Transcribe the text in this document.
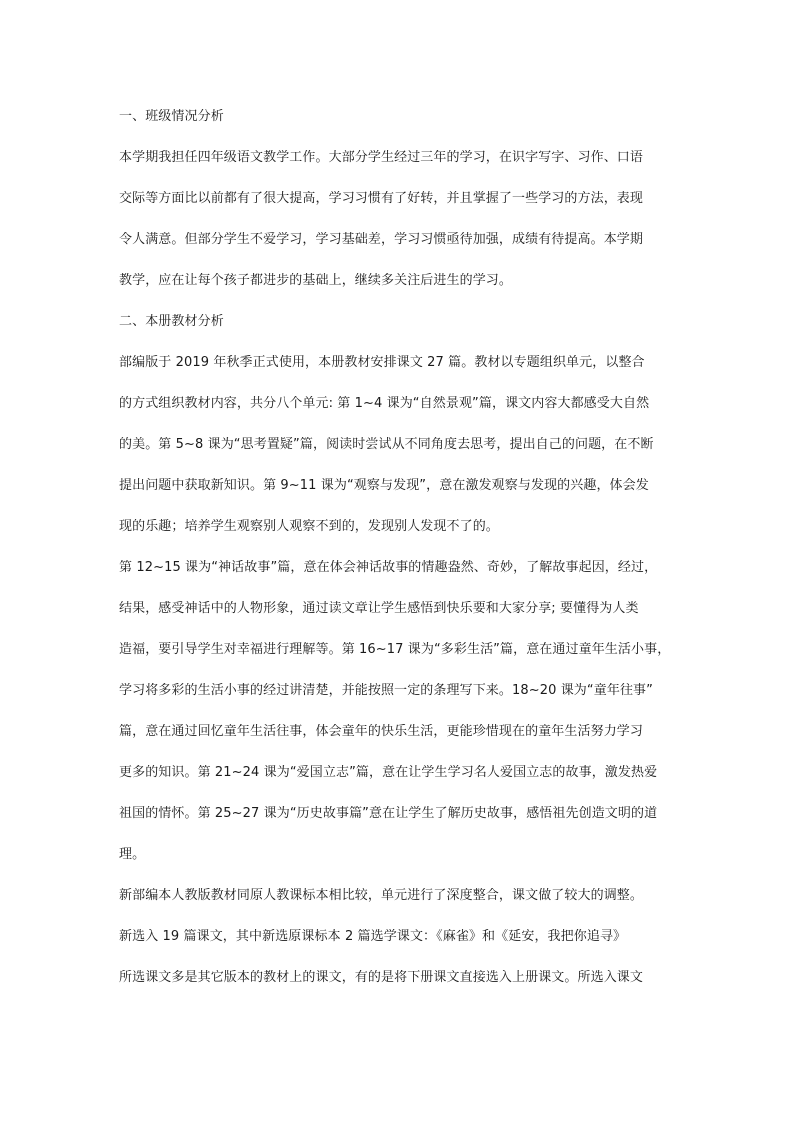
一、班级情况分析
本学期我担任四年级语文教学工作。大部分学生经过三年的学习，在识字写字、习作、口语
交际等方面比以前都有了很大提高，学习习惯有了好转，并且掌握了一些学习的方法，表现
令人满意。但部分学生不爱学习，学习基础差，学习习惯亟待加强，成绩有待提高。本学期
教学，应在让每个孩子都进步的基础上，继续多关注后进生的学习。
二、本册教材分析
部编版于 2019 年秋季正式使用，本册教材安排课文 27 篇。教材以专题组织单元，以整合
的方式组织教材内容，共分八个单元: 第 1~4 课为“自然景观”篇，课文内容大都感受大自然
的美。第 5~8 课为“思考置疑”篇，阅读时尝试从不同角度去思考，提出自己的问题，在不断
提出问题中获取新知识。第 9~11 课为“观察与发现”，意在激发观察与发现的兴趣，体会发
现的乐趣；培养学生观察别人观察不到的，发现别人发现不了的。
第 12~15 课为“神话故事”篇，意在体会神话故事的情趣盎然、奇妙，了解故事起因，经过，
结果，感受神话中的人物形象，通过读文章让学生感悟到快乐要和大家分享; 要懂得为人类
造福，要引导学生对幸福进行理解等。第 16~17 课为“多彩生活”篇，意在通过童年生活小事，
学习将多彩的生活小事的经过讲清楚，并能按照一定的条理写下来。18~20 课为“童年往事”
篇，意在通过回忆童年生活往事，体会童年的快乐生活，更能珍惜现在的童年生活努力学习
更多的知识。第 21~24 课为“爱国立志”篇，意在让学生学习名人爱国立志的故事，激发热爱
祖国的情怀。第 25~27 课为“历史故事篇”意在让学生了解历史故事，感悟祖先创造文明的道
理。
新部编本人教版教材同原人教课标本相比较，单元进行了深度整合，课文做了较大的调整。
新选入 19 篇课文，其中新选原课标本 2 篇选学课文：《麻雀》和《延安，我把你追寻》
所选课文多是其它版本的教材上的课文，有的是将下册课文直接选入上册课文。所选入课文
